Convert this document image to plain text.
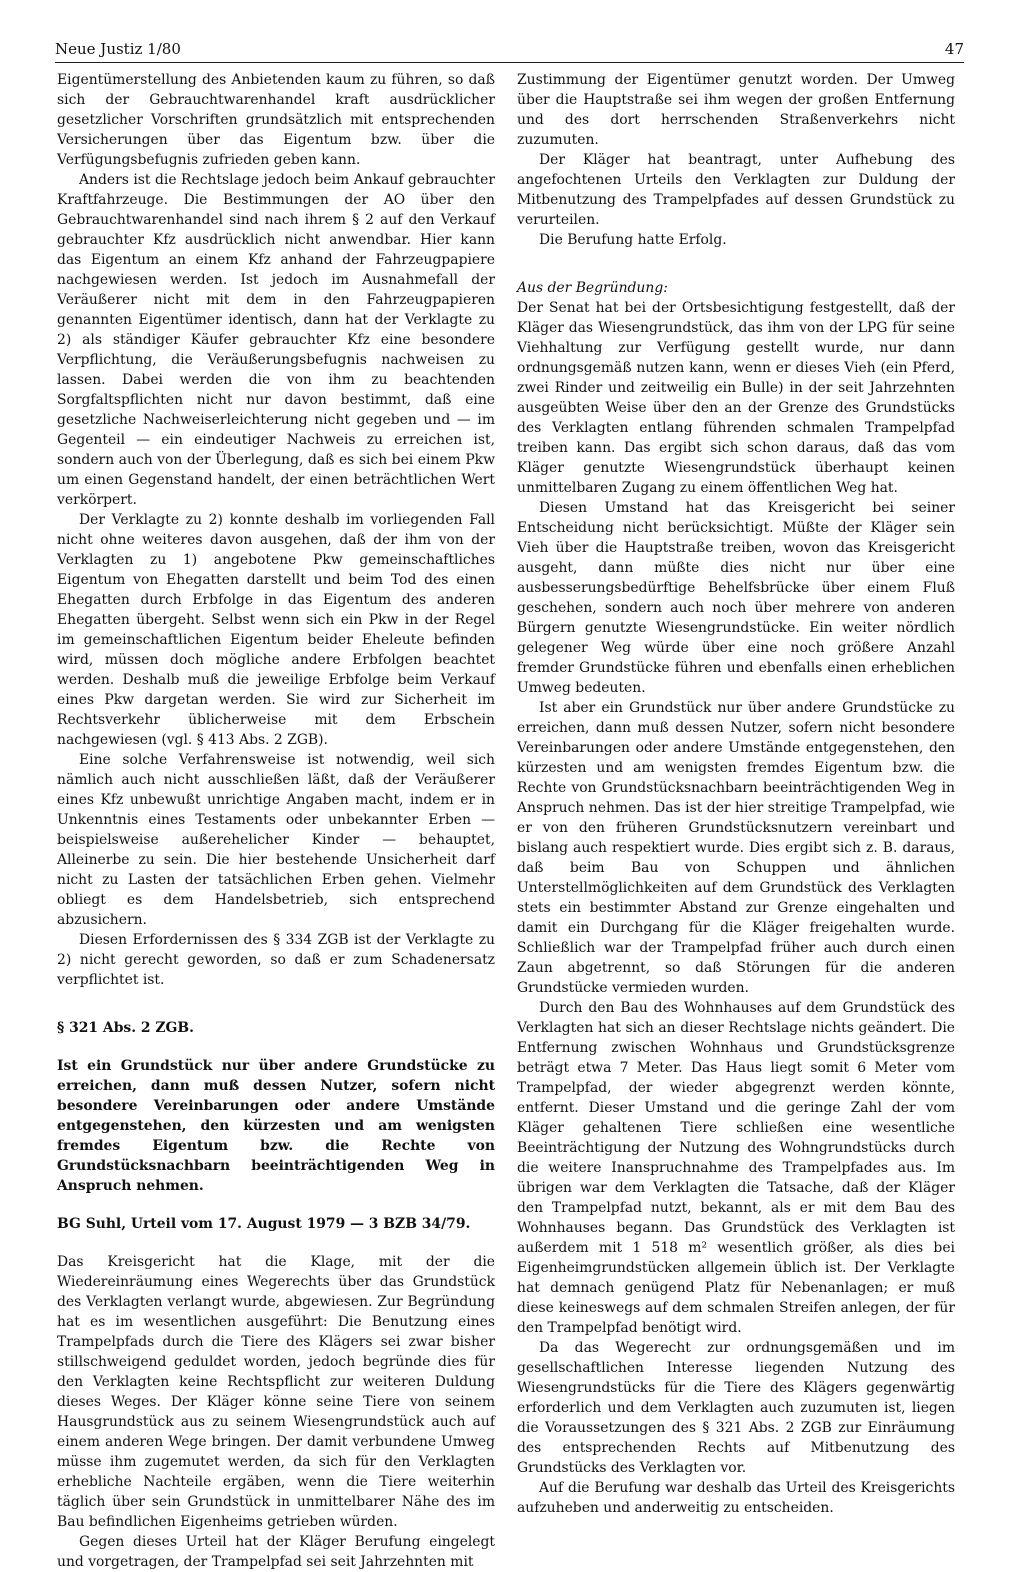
Neue Justiz 1/80	47

Eigentümerstellung des Anbietenden kaum zu führen, so daß sich der Gebrauchtwarenhandel kraft ausdrücklicher gesetzlicher Vorschriften grundsätzlich mit entsprechenden Versicherungen über das Eigentum bzw. über die Verfügungsbefugnis zufrieden geben kann.

Anders ist die Rechtslage jedoch beim Ankauf gebrauchter Kraftfahrzeuge. Die Bestimmungen der AO über den Gebrauchtwarenhandel sind nach ihrem § 2 auf den Verkauf gebrauchter Kfz ausdrücklich nicht anwendbar. Hier kann das Eigentum an einem Kfz anhand der Fahrzeugpapiere nachgewiesen werden. Ist jedoch im Ausnahmefall der Veräußerer nicht mit dem in den Fahrzeugpapieren genannten Eigentümer identisch, dann hat der Verklagte zu 2) als ständiger Käufer gebrauchter Kfz eine besondere Verpflichtung, die Veräußerungsbefugnis nachweisen zu lassen. Dabei werden die von ihm zu beachtenden Sorgfaltspflichten nicht nur davon bestimmt, daß eine gesetzliche Nachweiserleichterung nicht gegeben und — im Gegenteil — ein eindeutiger Nachweis zu erreichen ist, sondern auch von der Überlegung, daß es sich bei einem Pkw um einen Gegenstand handelt, der einen beträchtlichen Wert verkörpert.

Der Verklagte zu 2) konnte deshalb im vorliegenden Fall nicht ohne weiteres davon ausgehen, daß der ihm von der Verklagten zu 1) angebotene Pkw gemeinschaftliches Eigentum von Ehegatten darstellt und beim Tod des einen Ehegatten durch Erbfolge in das Eigentum des anderen Ehegatten übergeht. Selbst wenn sich ein Pkw in der Regel im gemeinschaftlichen Eigentum beider Eheleute befinden wird, müssen doch mögliche andere Erbfolgen beachtet werden. Deshalb muß die jeweilige Erbfolge beim Verkauf eines Pkw dargetan werden. Sie wird zur Sicherheit im Rechtsverkehr üblicherweise mit dem Erbschein nachgewiesen (vgl. § 413 Abs. 2 ZGB).

Eine solche Verfahrensweise ist notwendig, weil sich nämlich auch nicht ausschließen läßt, daß der Veräußerer eines Kfz unbewußt unrichtige Angaben macht, indem er in Unkenntnis eines Testaments oder unbekannter Erben — beispielsweise außerehelicher Kinder — behauptet, Alleinerbe zu sein. Die hier bestehende Unsicherheit darf nicht zu Lasten der tatsächlichen Erben gehen. Vielmehr obliegt es dem Handelsbetrieb, sich entsprechend abzusichern.

Diesen Erfordernissen des § 334 ZGB ist der Verklagte zu 2) nicht gerecht geworden, so daß er zum Schadenersatz verpflichtet ist.

§ 321 Abs. 2 ZGB.

Ist ein Grundstück nur über andere Grundstücke zu erreichen, dann muß dessen Nutzer, sofern nicht besondere Vereinbarungen oder andere Umstände entgegenstehen, den kürzesten und am wenigsten fremdes Eigentum bzw. die Rechte von Grundstücksnachbarn beeinträchtigenden Weg in Anspruch nehmen.

BG Suhl, Urteil vom 17. August 1979 — 3 BZB 34/79.

Das Kreisgericht hat die Klage, mit der die Wiedereinräumung eines Wegerechts über das Grundstück des Verklagten verlangt wurde, abgewiesen. Zur Begründung hat es im wesentlichen ausgeführt: Die Benutzung eines Trampelpfads durch die Tiere des Klägers sei zwar bisher stillschweigend geduldet worden, jedoch begründe dies für den Verklagten keine Rechtspflicht zur weiteren Duldung dieses Weges. Der Kläger könne seine Tiere von seinem Hausgrundstück aus zu seinem Wiesengrundstück auch auf einem anderen Wege bringen. Der damit verbundene Umweg müsse ihm zugemutet werden, da sich für den Verklagten erhebliche Nachteile ergäben, wenn die Tiere weiterhin täglich über sein Grundstück in unmittelbarer Nähe des im Bau befindlichen Eigenheims getrieben würden.

Gegen dieses Urteil hat der Kläger Berufung eingelegt und vorgetragen, der Trampelpfad sei seit Jahrzehnten mit

Zustimmung der Eigentümer genutzt worden. Der Umweg über die Hauptstraße sei ihm wegen der großen Entfernung und des dort herrschenden Straßenverkehrs nicht zuzumuten.

Der Kläger hat beantragt, unter Aufhebung des angefochtenen Urteils den Verklagten zur Duldung der Mitbenutzung des Trampelpfades auf dessen Grundstück zu verurteilen.

Die Berufung hatte Erfolg.

Aus der Begründung:

Der Senat hat bei der Ortsbesichtigung festgestellt, daß der Kläger das Wiesengrundstück, das ihm von der LPG für seine Viehhaltung zur Verfügung gestellt wurde, nur dann ordnungsgemäß nutzen kann, wenn er dieses Vieh (ein Pferd, zwei Rinder und zeitweilig ein Bulle) in der seit Jahrzehnten ausgeübten Weise über den an der Grenze des Grundstücks des Verklagten entlang führenden schmalen Trampelpfad treiben kann. Das ergibt sich schon daraus, daß das vom Kläger genutzte Wiesengrundstück überhaupt keinen unmittelbaren Zugang zu einem öffentlichen Weg hat.

Diesen Umstand hat das Kreisgericht bei seiner Entscheidung nicht berücksichtigt. Müßte der Kläger sein Vieh über die Hauptstraße treiben, wovon das Kreisgericht ausgeht, dann müßte dies nicht nur über eine ausbesserungsbedürftige Behelfsbrücke über einem Fluß geschehen, sondern auch noch über mehrere von anderen Bürgern genutzte Wiesengrundstücke. Ein weiter nördlich gelegener Weg würde über eine noch größere Anzahl fremder Grundstücke führen und ebenfalls einen erheblichen Umweg bedeuten.

Ist aber ein Grundstück nur über andere Grundstücke zu erreichen, dann muß dessen Nutzer, sofern nicht besondere Vereinbarungen oder andere Umstände entgegenstehen, den kürzesten und am wenigsten fremdes Eigentum bzw. die Rechte von Grundstücksnachbarn beeinträchtigenden Weg in Anspruch nehmen. Das ist der hier streitige Trampelpfad, wie er von den früheren Grundstücksnutzern vereinbart und bislang auch respektiert wurde. Dies ergibt sich z. B. daraus, daß beim Bau von Schuppen und ähnlichen Unterstellmöglichkeiten auf dem Grundstück des Verklagten stets ein bestimmter Abstand zur Grenze eingehalten und damit ein Durchgang für die Kläger freigehalten wurde. Schließlich war der Trampelpfad früher auch durch einen Zaun abgetrennt, so daß Störungen für die anderen Grundstücke vermieden wurden.

Durch den Bau des Wohnhauses auf dem Grundstück des Verklagten hat sich an dieser Rechtslage nichts geändert. Die Entfernung zwischen Wohnhaus und Grundstücksgrenze beträgt etwa 7 Meter. Das Haus liegt somit 6 Meter vom Trampelpfad, der wieder abgegrenzt werden könnte, entfernt. Dieser Umstand und die geringe Zahl der vom Kläger gehaltenen Tiere schließen eine wesentliche Beeinträchtigung der Nutzung des Wohngrundstücks durch die weitere Inanspruchnahme des Trampelpfades aus. Im übrigen war dem Verklagten die Tatsache, daß der Kläger den Trampelpfad nutzt, bekannt, als er mit dem Bau des Wohnhauses begann. Das Grundstück des Verklagten ist außerdem mit 1 518 m² wesentlich größer, als dies bei Eigenheimgrundstücken allgemein üblich ist. Der Verklagte hat demnach genügend Platz für Nebenanlagen; er muß diese keineswegs auf dem schmalen Streifen anlegen, der für den Trampelpfad benötigt wird.

Da das Wegerecht zur ordnungsgemäßen und im gesellschaftlichen Interesse liegenden Nutzung des Wiesengrundstücks für die Tiere des Klägers gegenwärtig erforderlich und dem Verklagten auch zuzumuten ist, liegen die Voraussetzungen des § 321 Abs. 2 ZGB zur Einräumung des entsprechenden Rechts auf Mitbenutzung des Grundstücks des Verklagten vor.

Auf die Berufung war deshalb das Urteil des Kreisgerichts aufzuheben und anderweitig zu entscheiden.
